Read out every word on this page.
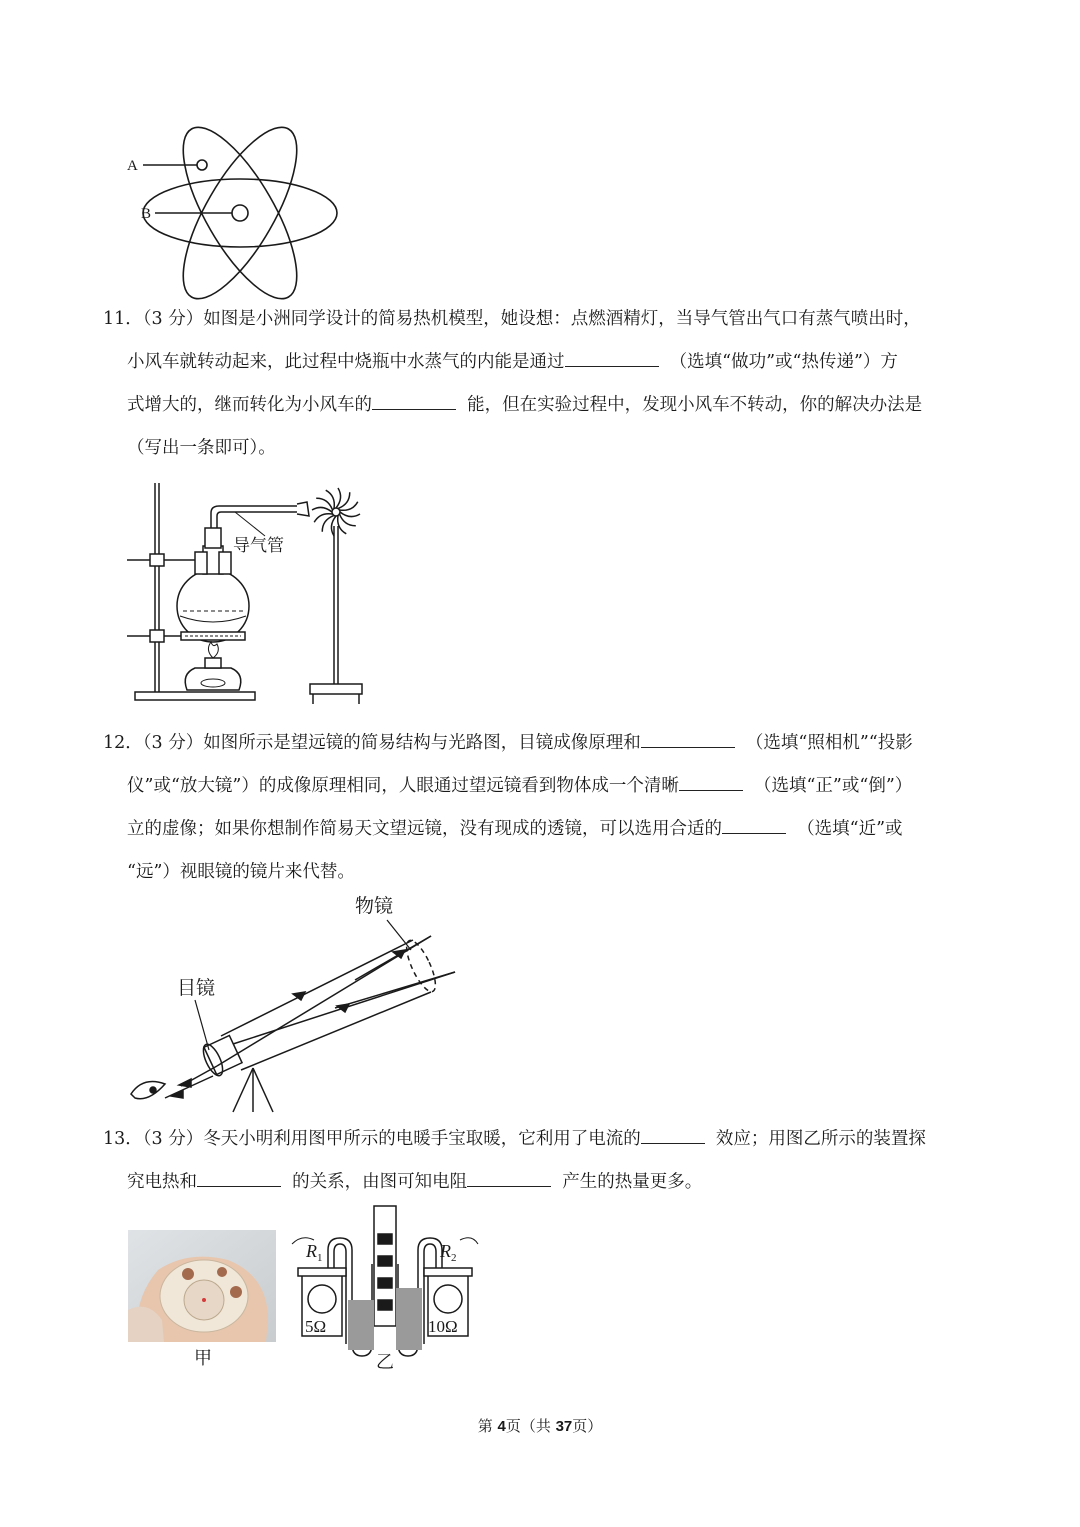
A
B
11．（3 分）如图是小洲同学设计的简易热机模型，她设想：点燃酒精灯，当导气管出气口有蒸气喷出时，
小风车就转动起来，此过程中烧瓶中水蒸气的内能是通过	（选填“做功”或“热传递”）方
式增大的，继而转化为小风车的	能，但在实验过程中，发现小风车不转动，你的解决办法是
（写出一条即可）。
导气管
12．（3 分）如图所示是望远镜的简易结构与光路图，目镜成像原理和	（选填“照相机”“投影
仪”或“放大镜”）的成像原理相同，人眼通过望远镜看到物体成一个清晰	（选填“正”或“倒”）
立的虚像；如果你想制作简易天文望远镜，没有现成的透镜，可以选用合适的	（选填“近”或
“远”）视眼镜的镜片来代替。
物镜
目镜
13．（3 分）冬天小明利用图甲所示的电暖手宝取暖，它利用了电流的	效应；用图乙所示的装置探
究电热和	的关系，由图可知电阻	产生的热量更多。
甲
$R_1$	$R_2$
5Ω	10Ω
乙
第 4页（共 37页）
